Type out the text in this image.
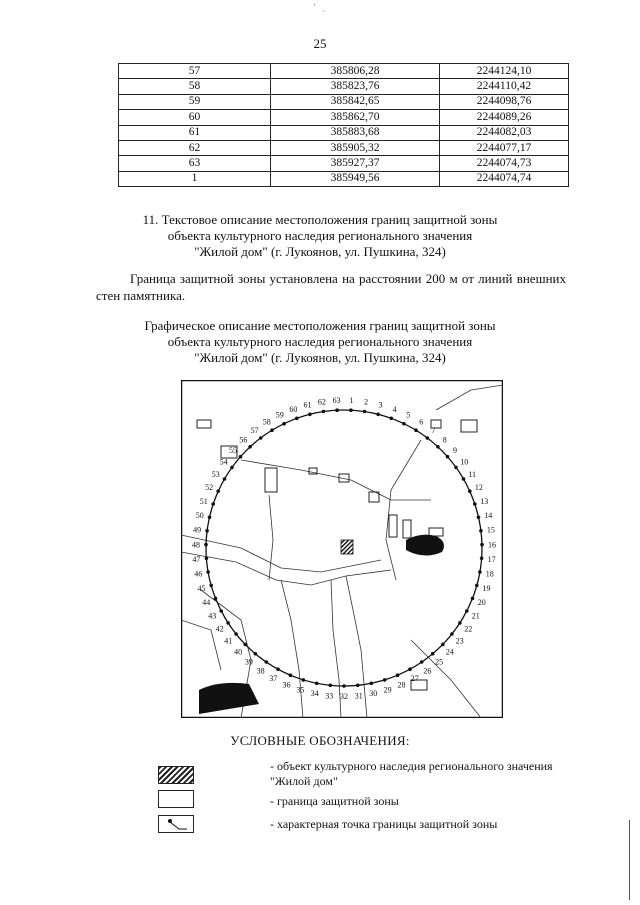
ʼ ˏ
25
57	385806,28	2244124,10
58	385823,76	2244110,42
59	385842,65	2244098,76
60	385862,70	2244089,26
61	385883,68	2244082,03
62	385905,32	2244077,17
63	385927,37	2244074,73
1	385949,56	2244074,74
11. Текстовое описание местоположения границ защитной зоны
объекта культурного наследия регионального значения
"Жилой дом" (г. Лукоянов, ул. Пушкина, 324)
Граница защитной зоны установлена на расстоянии 200 м от линий внешних стен памятника.
Графическое описание местоположения границ защитной зоны
объекта культурного наследия регионального значения
"Жилой дом" (г. Лукоянов, ул. Пушкина, 324)
1 2 3 4
5
6
7
8
9
10
11
12
13
14
15
16
17
18
19
20
21
22
23
24
25
26
27
28
29
30
31
32
33
34
35
36
37
38
39
40
41
42
43
44
45
46
47
48
49
50
51
52
53
54
55
56
57
58
59
60 61 62 63
УСЛОВНЫЕ ОБОЗНАЧЕНИЯ:
- объект культурного наследия регионального значения "Жилой дом"
- граница защитной зоны
- характерная точка границы защитной зоны
